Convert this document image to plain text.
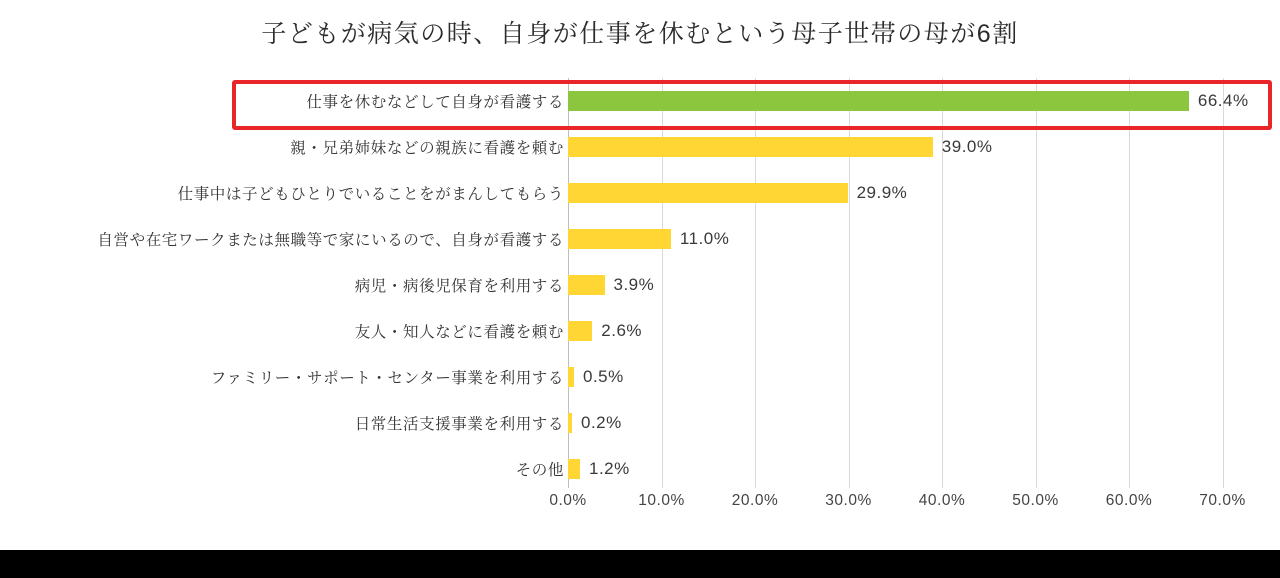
子どもが病気の時、自身が仕事を休むという母子世帯の母が6割
仕事を休むなどして自身が看護する	66.4%
親・兄弟姉妹などの親族に看護を頼む	39.0%
仕事中は子どもひとりでいることをがまんしてもらう	29.9%
自営や在宅ワークまたは無職等で家にいるので、自身が看護する	11.0%
病児・病後児保育を利用する	3.9%
友人・知人などに看護を頼む 2.6%
ファミリー・サポート・センター事業を利用する 0.5%
日常生活支援事業を利用する 0.2%
その他 1.2%
0.0%	10.0%	20.0%	30.0%	40.0%	50.0%	60.0%	70.0%
